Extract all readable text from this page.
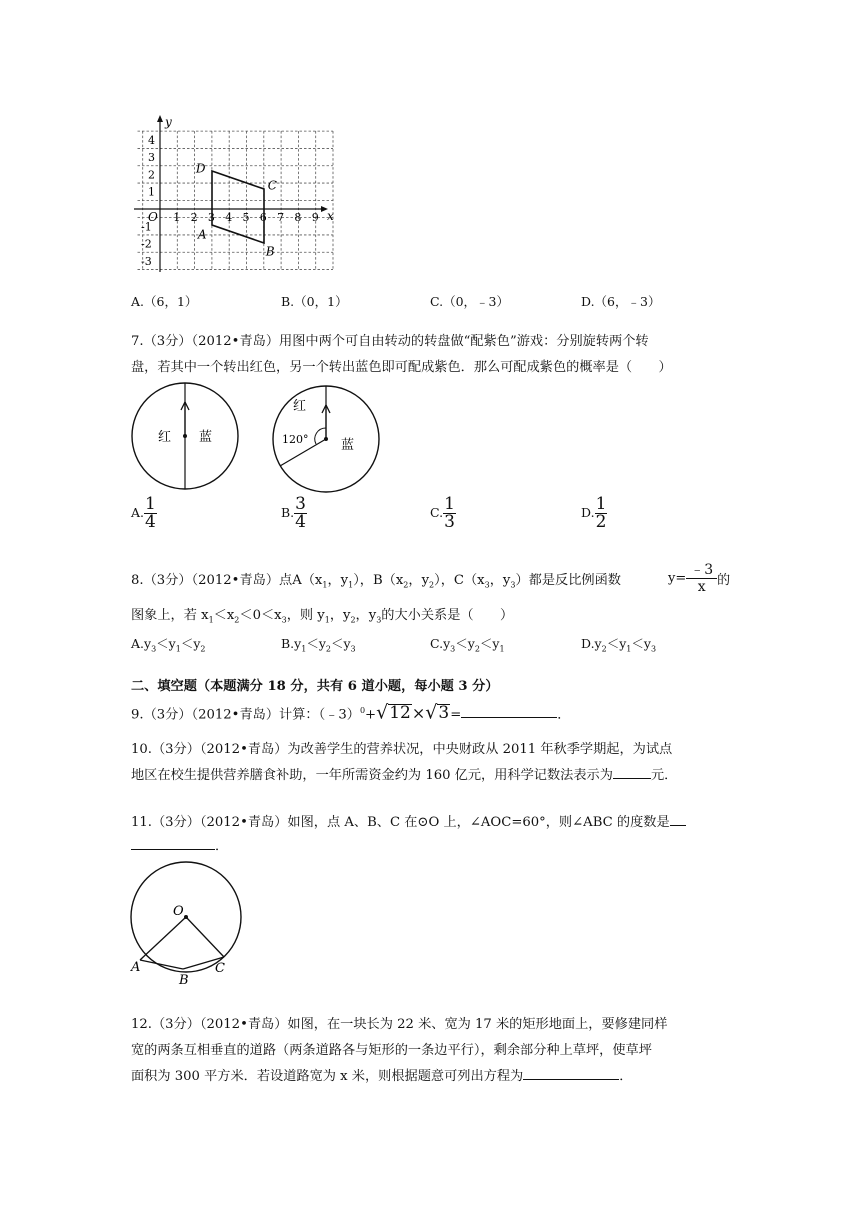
x
y
O 1 2 3 4 5 6 7 8 9
4
3
2
1
-1
-2
-3
A
B
C
D
A.（6，1）	B.（0，1）	C.（0，﹣3）	D.（6，﹣3）
7.（3分）（2012•青岛）用图中两个可自由转动的转盘做“配紫色”游戏：分别旋转两个转
盘，若其中一个转出红色，另一个转出蓝色即可配成紫色．那么可配成紫色的概率是（　　）
红 蓝
红
蓝
120°
A. $\frac{1}{4}$	B. $\frac{3}{4}$	C. $\frac{1}{3}$	D. $\frac{1}{2}$
8.（3分）（2012•青岛）点$A(x_1$，$y_1$），$B(x_2$，$y_2$），$C(x_3$，$y_3$）都是反比例函数	$y= \frac{﹣3}{x}$ 的
图象上，若 $x_1<x_2<0<x_3$，则 $y_1$，$y_2$，$y_3$的大小关系是（　　）
$A.y_3<y_1<y_2$	$B.y_1<y_2<y_3$	$C.y_3<y_2<y_1$	$D.y_2<y_1<y_3$
二、填空题（本题满分 18 分，共有 6 道小题，每小题 3 分）
9.（3分）（2012•青岛）计算：（﹣3）$^0$+√12×√3=	．
10.（3分）（2012•青岛）为改善学生的营养状况，中央财政从 2011 年秋季学期起，为试点
地区在校生提供营养膳食补助，一年所需资金约为 160 亿元，用科学记数法表示为	元．
11.（3分）（2012•青岛）如图，点 A、B、C 在⊙O 上，∠AOC=60°，则∠ABC 的度数是
．
O
A
B
C
12.（3分）（2012•青岛）如图，在一块长为 22 米、宽为 17 米的矩形地面上，要修建同样
宽的两条互相垂直的道路（两条道路各与矩形的一条边平行），剩余部分种上草坪，使草坪
面积为 300 平方米．若设道路宽为 x 米，则根据题意可列出方程为	．
